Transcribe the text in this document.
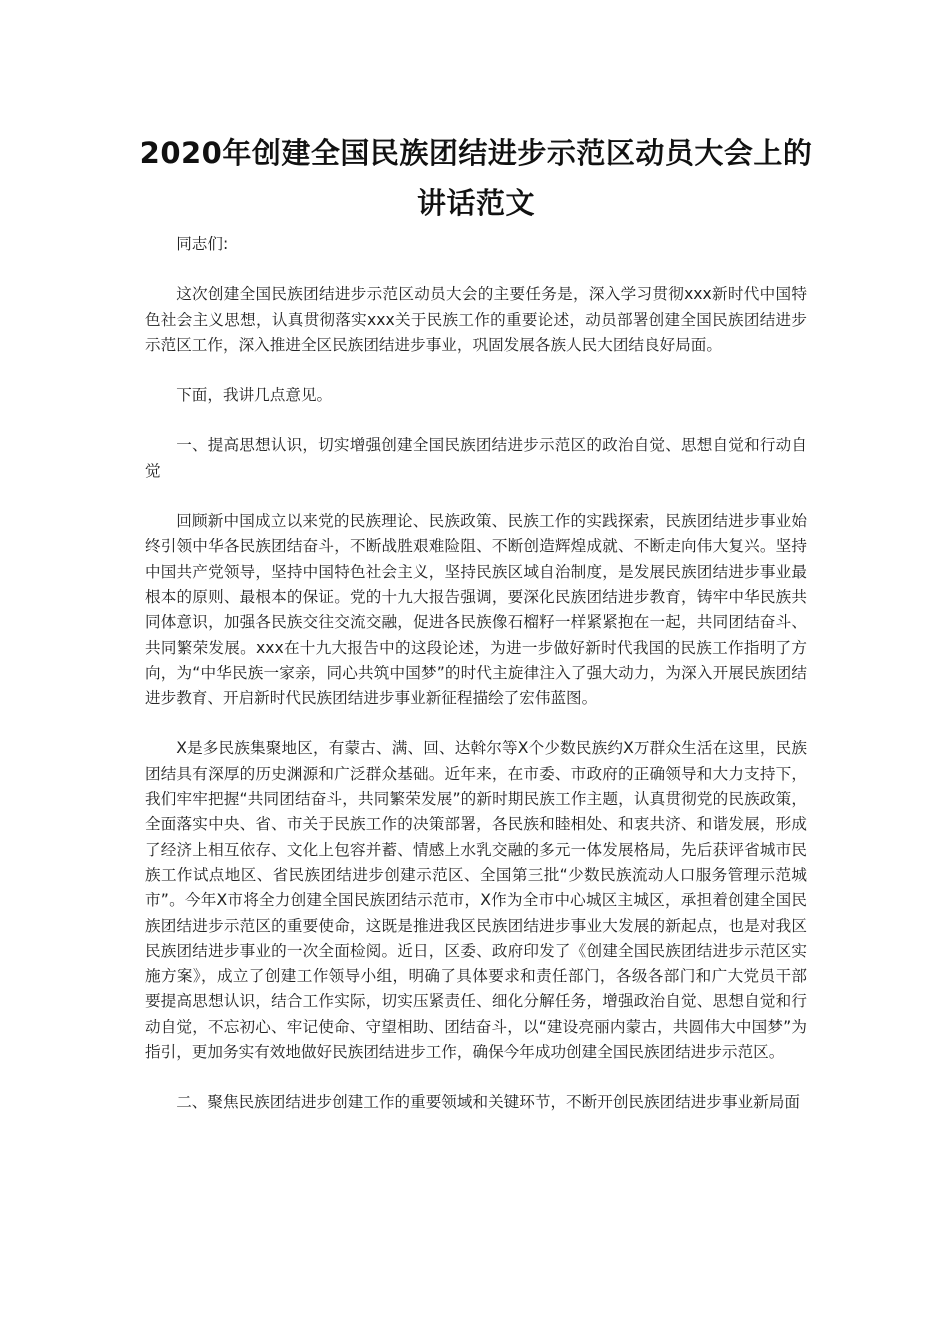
2020年创建全国民族团结进步示范区动员大会上的
讲话范文

同志们:

这次创建全国民族团结进步示范区动员大会的主要任务是，深入学习贯彻xxx新时代中国特色社会主义思想，认真贯彻落实xxx关于民族工作的重要论述，动员部署创建全国民族团结进步示范区工作，深入推进全区民族团结进步事业，巩固发展各族人民大团结良好局面。

下面，我讲几点意见。

一、提高思想认识，切实增强创建全国民族团结进步示范区的政治自觉、思想自觉和行动自觉

回顾新中国成立以来党的民族理论、民族政策、民族工作的实践探索，民族团结进步事业始终引领中华各民族团结奋斗，不断战胜艰难险阻、不断创造辉煌成就、不断走向伟大复兴。坚持中国共产党领导，坚持中国特色社会主义，坚持民族区域自治制度，是发展民族团结进步事业最根本的原则、最根本的保证。党的十九大报告强调，要深化民族团结进步教育，铸牢中华民族共同体意识，加强各民族交往交流交融，促进各民族像石榴籽一样紧紧抱在一起，共同团结奋斗、共同繁荣发展。xxx在十九大报告中的这段论述，为进一步做好新时代我国的民族工作指明了方向，为“中华民族一家亲，同心共筑中国梦”的时代主旋律注入了强大动力，为深入开展民族团结进步教育、开启新时代民族团结进步事业新征程描绘了宏伟蓝图。

X是多民族集聚地区，有蒙古、满、回、达斡尔等X个少数民族约X万群众生活在这里，民族团结具有深厚的历史渊源和广泛群众基础。近年来，在市委、市政府的正确领导和大力支持下，我们牢牢把握“共同团结奋斗，共同繁荣发展”的新时期民族工作主题，认真贯彻党的民族政策，全面落实中央、省、市关于民族工作的决策部署，各民族和睦相处、和衷共济、和谐发展，形成了经济上相互依存、文化上包容并蓄、情感上水乳交融的多元一体发展格局，先后获评省城市民族工作试点地区、省民族团结进步创建示范区、全国第三批“少数民族流动人口服务管理示范城市”。今年X市将全力创建全国民族团结示范市，X作为全市中心城区主城区，承担着创建全国民族团结进步示范区的重要使命，这既是推进我区民族团结进步事业大发展的新起点，也是对我区民族团结进步事业的一次全面检阅。近日，区委、政府印发了《创建全国民族团结进步示范区实施方案》，成立了创建工作领导小组，明确了具体要求和责任部门，各级各部门和广大党员干部要提高思想认识，结合工作实际，切实压紧责任、细化分解任务，增强政治自觉、思想自觉和行动自觉，不忘初心、牢记使命、守望相助、团结奋斗，以“建设亮丽内蒙古，共圆伟大中国梦”为指引，更加务实有效地做好民族团结进步工作，确保今年成功创建全国民族团结进步示范区。

二、聚焦民族团结进步创建工作的重要领域和关键环节，不断开创民族团结进步事业新局面
